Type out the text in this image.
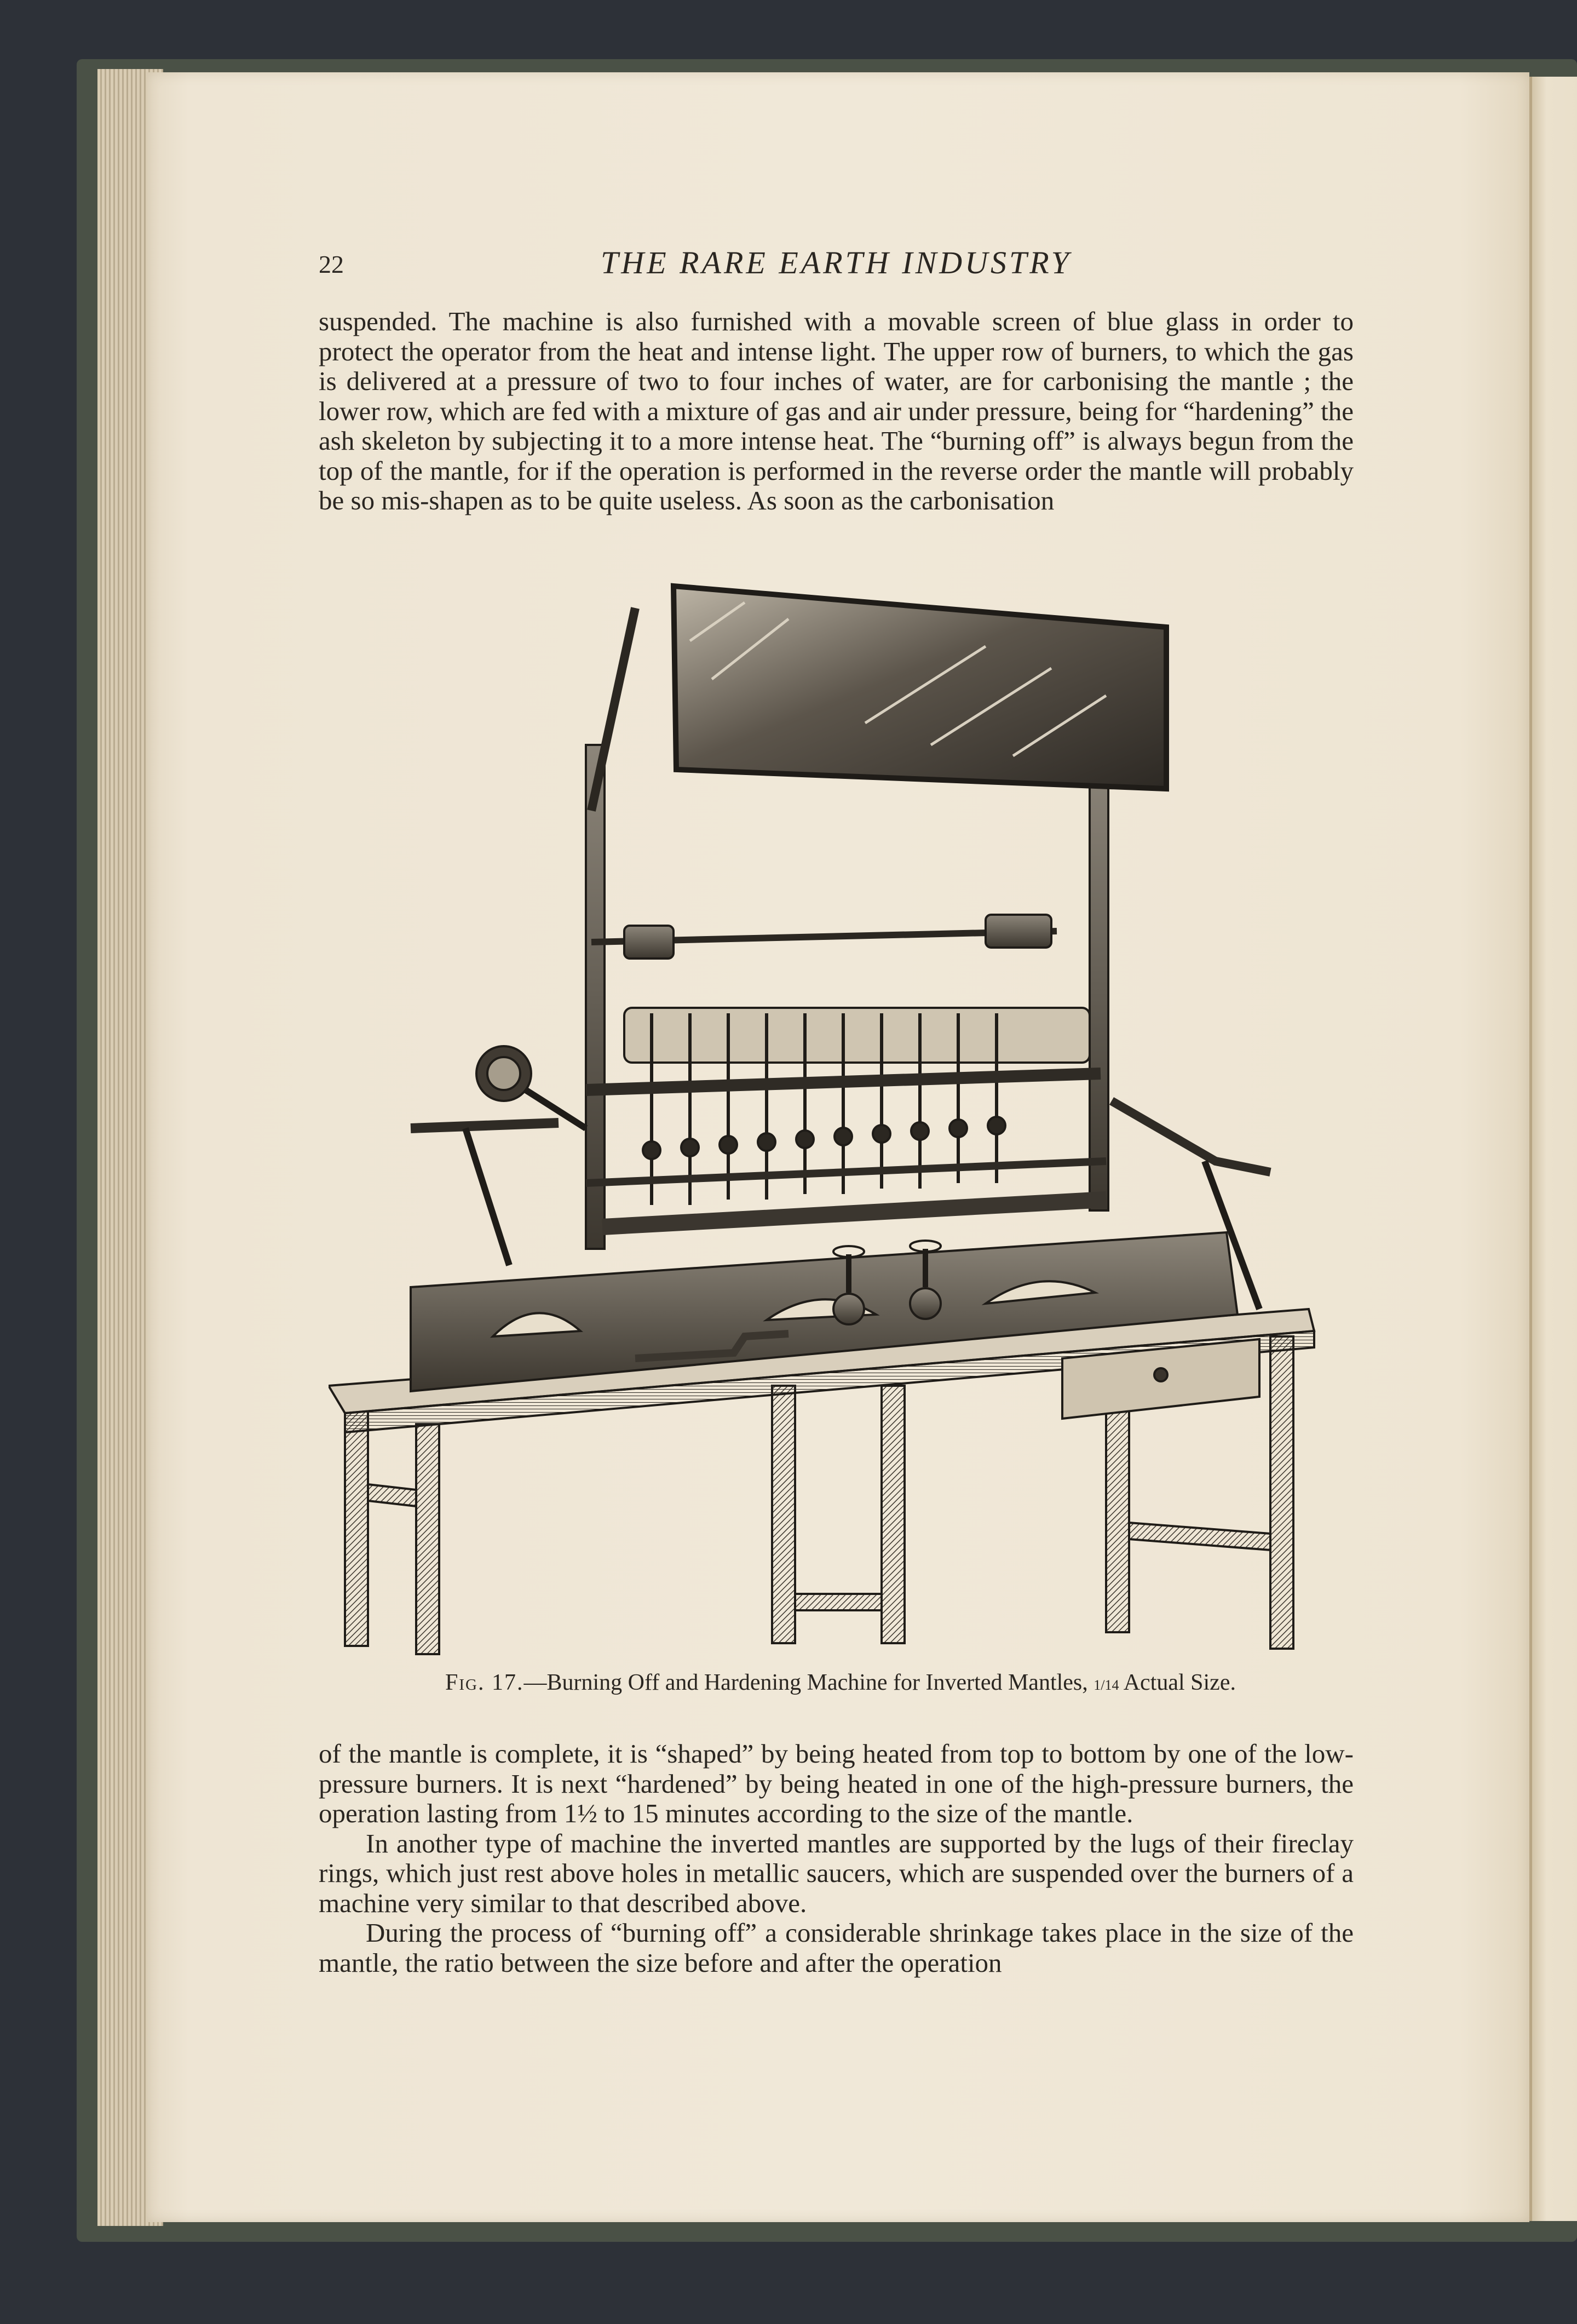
22	THE RARE EARTH INDUSTRY

suspended. The machine is also furnished with a movable screen of blue glass in order to protect the operator from the heat and intense light. The upper row of burners, to which the gas is delivered at a pressure of two to four inches of water, are for carbonising the mantle ; the lower row, which are fed with a mixture of gas and air under pressure, being for “hardening” the ash skeleton by subjecting it to a more intense heat. The “burning off” is always begun from the top of the mantle, for if the operation is performed in the reverse order the mantle will probably be so mis-shapen as to be quite useless. As soon as the carbonisation

Fig. 17.—Burning Off and Hardening Machine for Inverted Mantles, 1/14 Actual Size.

of the mantle is complete, it is “shaped” by being heated from top to bottom by one of the low-pressure burners. It is next “hardened” by being heated in one of the high-pressure burners, the operation lasting from 1½ to 15 minutes according to the size of the mantle.

In another type of machine the inverted mantles are supported by the lugs of their fireclay rings, which just rest above holes in metallic saucers, which are suspended over the burners of a machine very similar to that described above.

During the process of “burning off” a considerable shrinkage takes place in the size of the mantle, the ratio between the size before and after the operation
